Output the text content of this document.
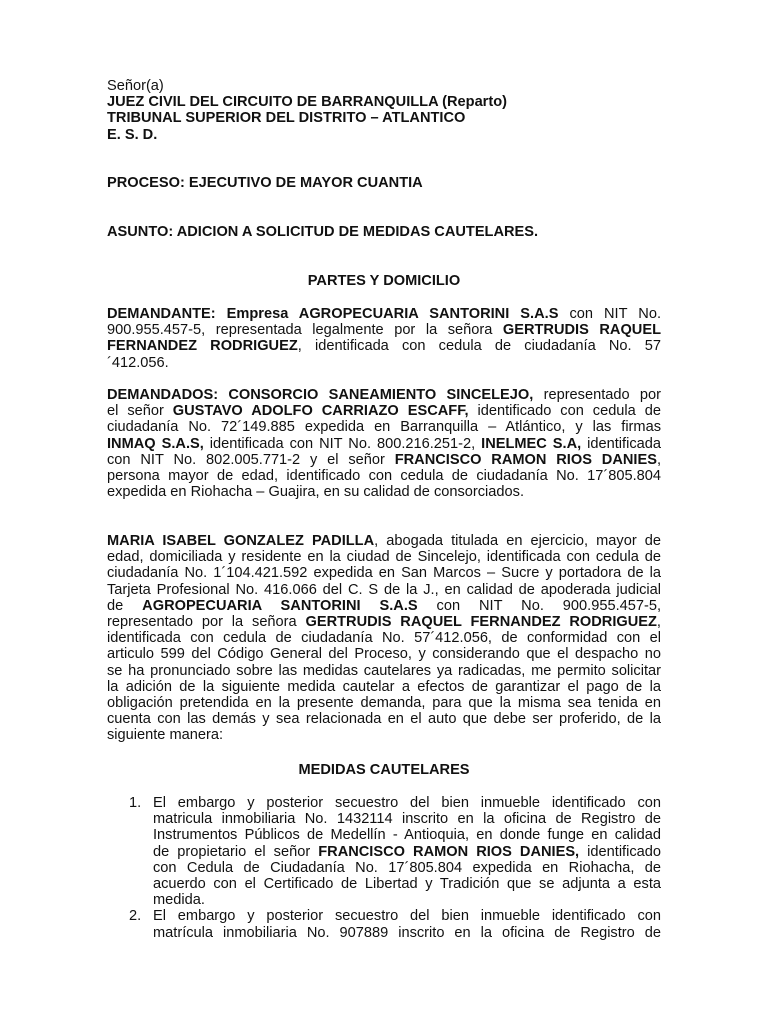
Señor(a)
JUEZ CIVIL DEL CIRCUITO DE BARRANQUILLA (Reparto)
TRIBUNAL SUPERIOR DEL DISTRITO – ATLANTICO
E. S. D.
PROCESO: EJECUTIVO DE MAYOR CUANTIA
ASUNTO: ADICION A SOLICITUD DE MEDIDAS CAUTELARES.
PARTES Y DOMICILIO
DEMANDANTE: Empresa AGROPECUARIA SANTORINI S.A.S con NIT No.
900.955.457-5, representada legalmente por la señora GERTRUDIS RAQUEL
FERNANDEZ RODRIGUEZ, identificada con cedula de ciudadanía No. 57
´412.056.
DEMANDADOS: CONSORCIO SANEAMIENTO SINCELEJO, representado por
el señor GUSTAVO ADOLFO CARRIAZO ESCAFF, identificado con cedula de
ciudadanía No. 72´149.885 expedida en Barranquilla – Atlántico, y las firmas
INMAQ S.A.S, identificada con NIT No. 800.216.251-2, INELMEC S.A, identificada
con NIT No. 802.005.771-2 y el señor FRANCISCO RAMON RIOS DANIES,
persona mayor de edad, identificado con cedula de ciudadanía No. 17´805.804
expedida en Riohacha – Guajira, en su calidad de consorciados.
MARIA ISABEL GONZALEZ PADILLA, abogada titulada en ejercicio, mayor de
edad, domiciliada y residente en la ciudad de Sincelejo, identificada con cedula de
ciudadanía No. 1´104.421.592 expedida en San Marcos – Sucre y portadora de la
Tarjeta Profesional No. 416.066 del C. S de la J., en calidad de apoderada judicial
de AGROPECUARIA SANTORINI S.A.S con NIT No. 900.955.457-5,
representado por la señora GERTRUDIS RAQUEL FERNANDEZ RODRIGUEZ,
identificada con cedula de ciudadanía No. 57´412.056, de conformidad con el
articulo 599 del Código General del Proceso, y considerando que el despacho no
se ha pronunciado sobre las medidas cautelares ya radicadas, me permito solicitar
la adición de la siguiente medida cautelar a efectos de garantizar el pago de la
obligación pretendida en la presente demanda, para que la misma sea tenida en
cuenta con las demás y sea relacionada en el auto que debe ser proferido, de la
siguiente manera:
MEDIDAS CAUTELARES
1. El embargo y posterior secuestro del bien inmueble identificado con
matricula inmobiliaria No. 1432114 inscrito en la oficina de Registro de
Instrumentos Públicos de Medellín - Antioquia, en donde funge en calidad
de propietario el señor FRANCISCO RAMON RIOS DANIES, identificado
con Cedula de Ciudadanía No. 17´805.804 expedida en Riohacha, de
acuerdo con el Certificado de Libertad y Tradición que se adjunta a esta
medida.
2. El embargo y posterior secuestro del bien inmueble identificado con
matrícula inmobiliaria No. 907889 inscrito en la oficina de Registro de
